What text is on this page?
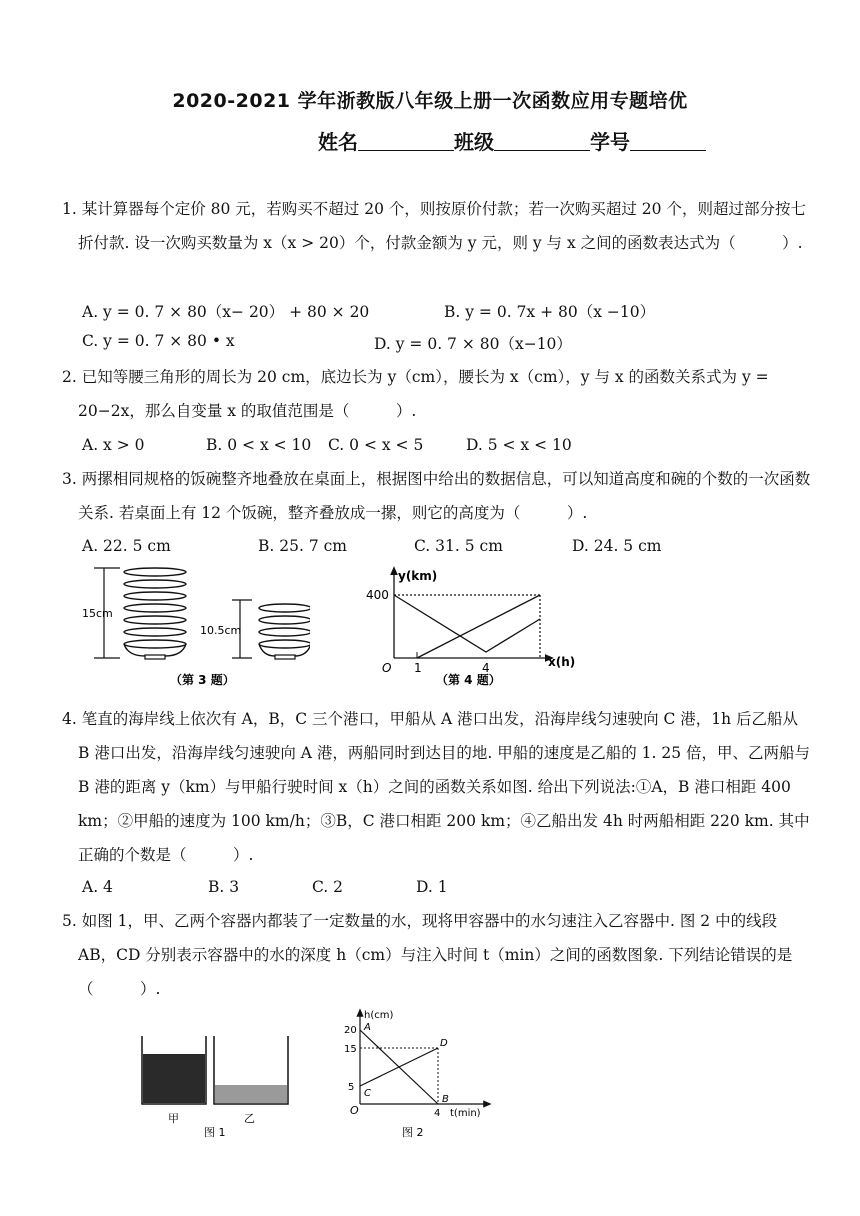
2020-2021 学年浙教版八年级上册一次函数应用专题培优
姓名	班级	学号
1. 某计算器每个定价 80 元，若购买不超过 20 个，则按原价付款；若一次购买超过 20 个，则超过部分按七折付款. 设一次购买数量为 x（x > 20）个，付款金额为 y 元，则 y 与 x 之间的函数表达式为（　　　）.
A. y = 0. 7 × 80（x− 20） + 80 × 20	B. y = 0. 7x + 80（x −10）
C. y = 0. 7 × 80 • x	D. y = 0. 7 × 80（x−10）
2. 已知等腰三角形的周长为 20 cm，底边长为 y（cm），腰长为 x（cm），y 与 x 的函数关系式为 y = 20−2x，那么自变量 x 的取值范围是（　　　）.
A. x > 0	B. 0 < x < 10 C. 0 < x < 5	D. 5 < x < 10
3. 两摞相同规格的饭碗整齐地叠放在桌面上，根据图中给出的数据信息，可以知道高度和碗的个数的一次函数关系. 若桌面上有 12 个饭碗，整齐叠放成一摞，则它的高度为（　　　）.
A. 22. 5 cm	B. 25. 7 cm	C. 31. 5 cm	D. 24. 5 cm
15cm
10.5cm
（第 3 题）
y(km)
x(h)
O
400
1	4
（第 4 题）
4. 笔直的海岸线上依次有 A，B，C 三个港口，甲船从 A 港口出发，沿海岸线匀速驶向 C 港，1h 后乙船从 B 港口出发，沿海岸线匀速驶向 A 港，两船同时到达目的地. 甲船的速度是乙船的 1. 25 倍，甲、乙两船与 B 港的距离 y（km）与甲船行驶时间 x（h）之间的函数关系如图. 给出下列说法:①A，B 港口相距 400 km；②甲船的速度为 100 km/h；③B，C 港口相距 200 km；④乙船出发 4h 时两船相距 220 km. 其中正确的个数是（　　　）.
A. 4	B. 3	C. 2	D. 1
5. 如图 1，甲、乙两个容器内都装了一定数量的水，现将甲容器中的水匀速注入乙容器中. 图 2 中的线段 AB，CD 分别表示容器中的水的深度 h（cm）与注入时间 t（min）之间的函数图象. 下列结论错误的是（　　　）.
甲	乙
图 1
h(cm)
t(min)
O
20
15
5
4
A
B
C
D
图 2
